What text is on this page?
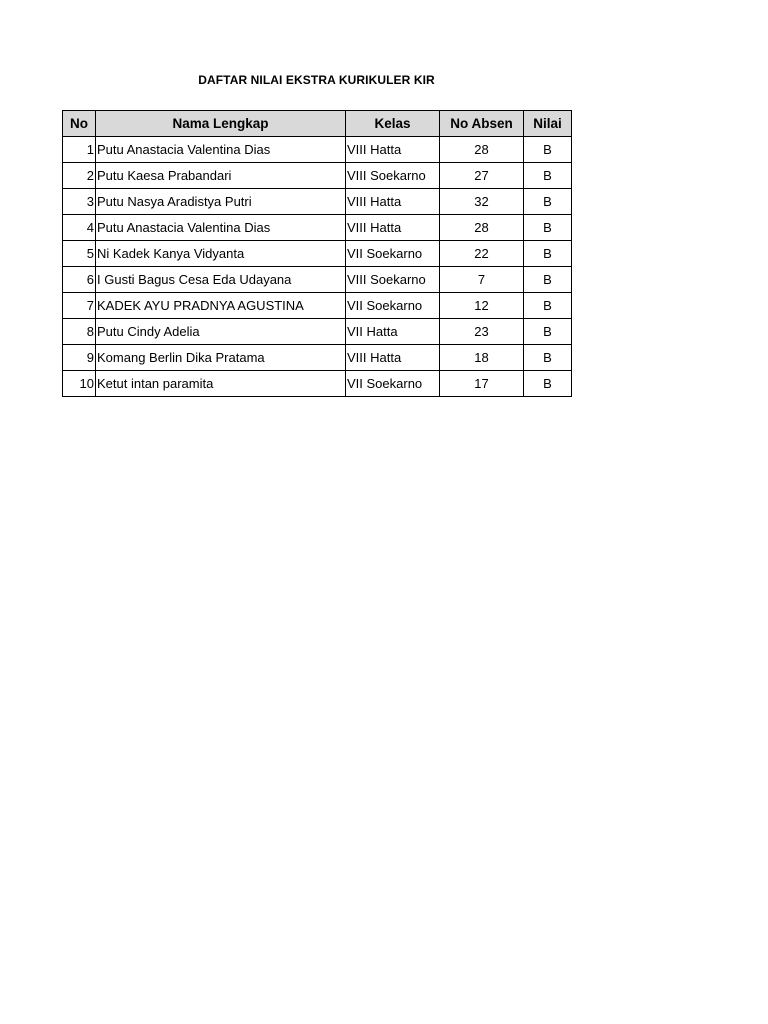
DAFTAR NILAI EKSTRA KURIKULER KIR
No	Nama Lengkap	Kelas	No Absen	Nilai
1	Putu Anastacia Valentina Dias	VIII Hatta	28	B
2	Putu Kaesa Prabandari	VIII Soekarno	27	B
3	Putu Nasya Aradistya Putri	VIII Hatta	32	B
4	Putu Anastacia Valentina Dias	VIII Hatta	28	B
5	Ni Kadek Kanya Vidyanta	VII Soekarno	22	B
6	I Gusti Bagus Cesa Eda Udayana	VIII Soekarno	7	B
7	KADEK AYU PRADNYA AGUSTINA	VII Soekarno	12	B
8	Putu Cindy Adelia	VII Hatta	23	B
9	Komang Berlin Dika Pratama	VIII Hatta	18	B
10	Ketut intan paramita	VII Soekarno	17	B
